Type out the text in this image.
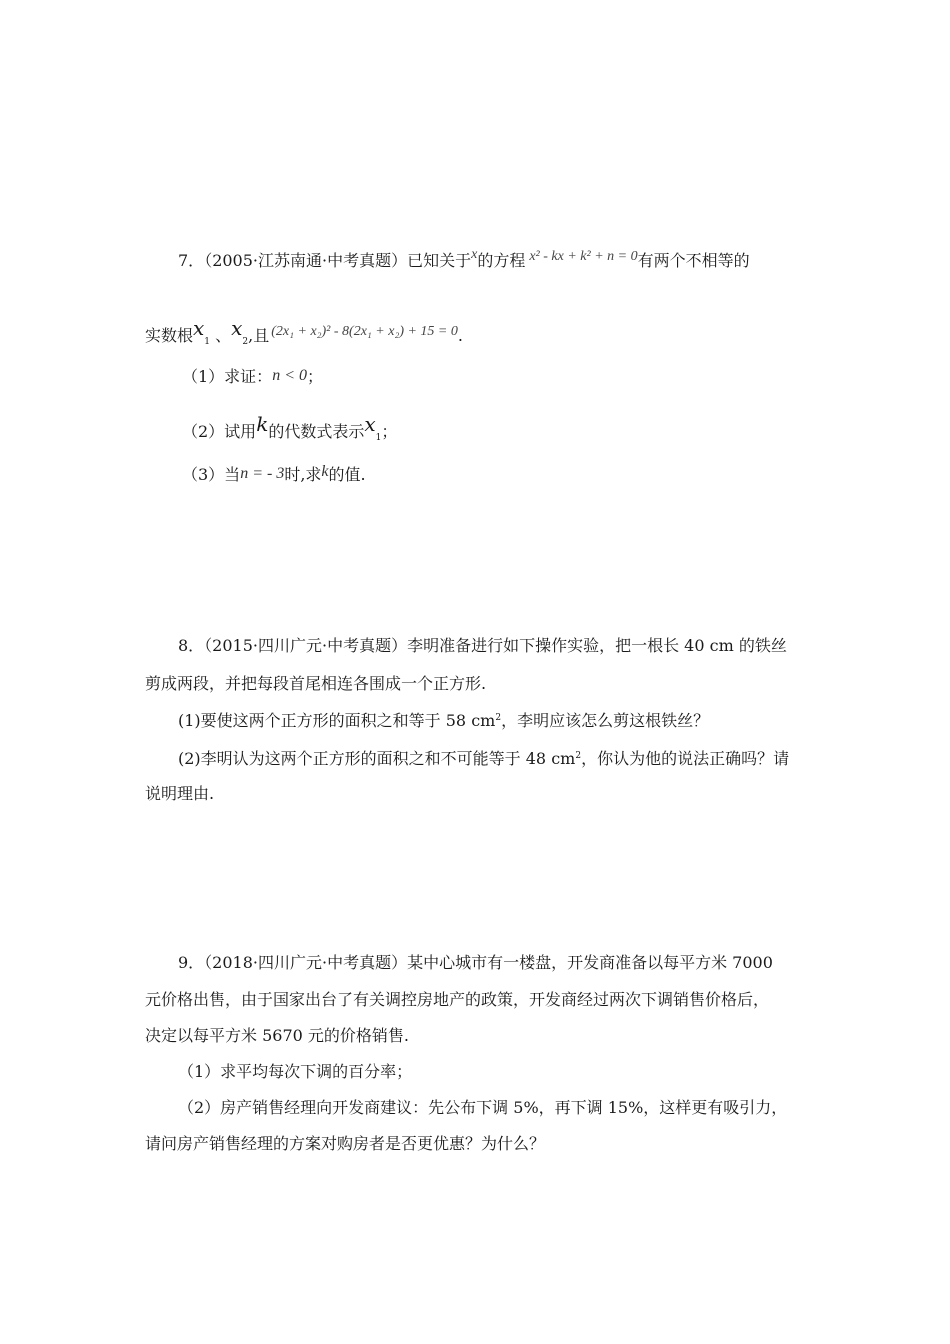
7．（2005·江苏南通·中考真题）已知关于x的方程 x² - kx + k² + n = 0有两个不相等的
实数根$x_1$ 、$x_2$,且 (2x₁ + x₂)² - 8(2x₁ + x₂) + 15 = 0.
（1）求证：n < 0；
（2）试用k的代数式表示$x_1$；
（3）当n = - 3时,求k的值.
8．（2015·四川广元·中考真题）李明准备进行如下操作实验，把一根长 40 cm 的铁丝
剪成两段，并把每段首尾相连各围成一个正方形.
(1)要使这两个正方形的面积之和等于 58 $cm^2$，李明应该怎么剪这根铁丝？
(2)李明认为这两个正方形的面积之和不可能等于 48 $cm^2$，你认为他的说法正确吗？请
说明理由.
9．（2018·四川广元·中考真题）某中心城市有一楼盘，开发商准备以每平方米 7000
元价格出售，由于国家出台了有关调控房地产的政策，开发商经过两次下调销售价格后，
决定以每平方米 5670 元的价格销售.
（1）求平均每次下调的百分率；
（2）房产销售经理向开发商建议：先公布下调 5%，再下调 15%，这样更有吸引力，
请问房产销售经理的方案对购房者是否更优惠？为什么？
